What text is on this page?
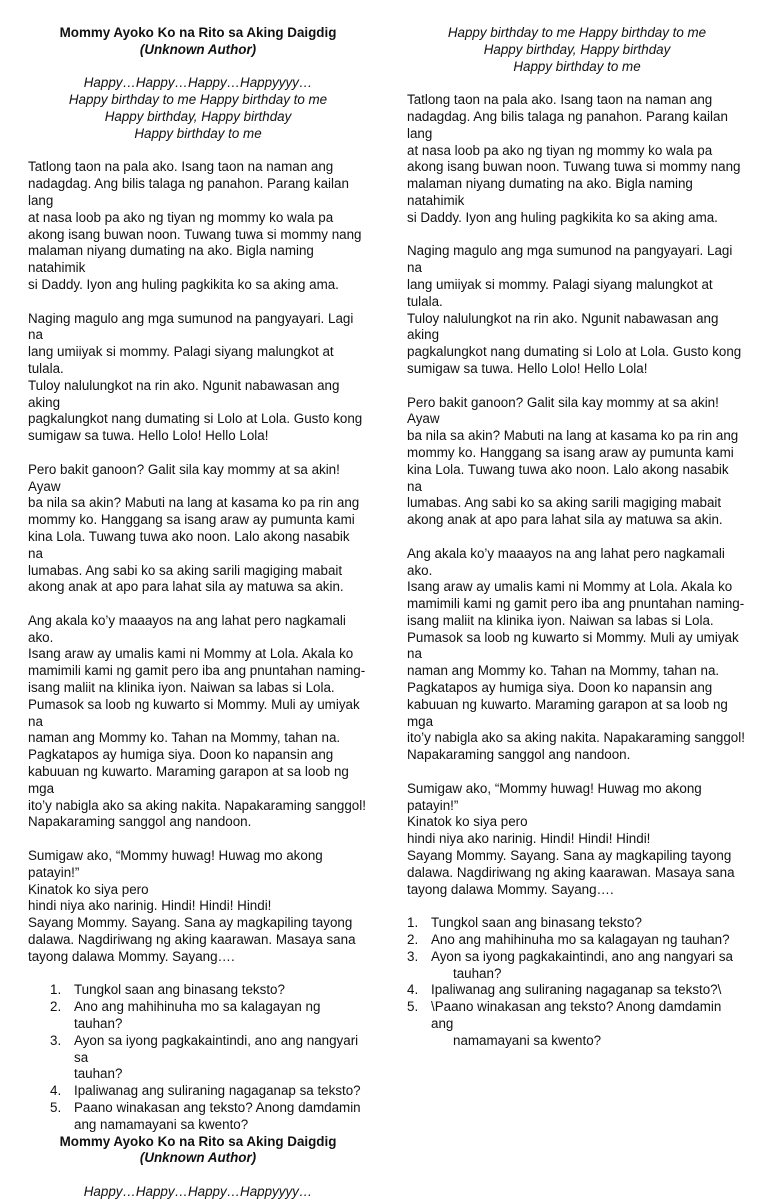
Mommy Ayoko Ko na Rito sa Aking Daigdig
(Unknown Author)
Happy…Happy…Happy…Happyyyy…
Happy birthday to me Happy birthday to me
Happy birthday, Happy birthday
Happy birthday to me
Tatlong taon na pala ako. Isang taon na naman ang
nadagdag. Ang bilis talaga ng panahon. Parang kailan lang
at nasa loob pa ako ng tiyan ng mommy ko wala pa
akong isang buwan noon. Tuwang tuwa si mommy nang
malaman niyang dumating na ako. Bigla naming natahimik
si Daddy. Iyon ang huling pagkikita ko sa aking ama.
Naging magulo ang mga sumunod na pangyayari. Lagi na
lang umiiyak si mommy. Palagi siyang malungkot at tulala.
Tuloy nalulungkot na rin ako. Ngunit nabawasan ang aking
pagkalungkot nang dumating si Lolo at Lola. Gusto kong
sumigaw sa tuwa. Hello Lolo! Hello Lola!
Pero bakit ganoon? Galit sila kay mommy at sa akin! Ayaw
ba nila sa akin? Mabuti na lang at kasama ko pa rin ang
mommy ko. Hanggang sa isang araw ay pumunta kami
kina Lola. Tuwang tuwa ako noon. Lalo akong nasabik na
lumabas. Ang sabi ko sa aking sarili magiging mabait
akong anak at apo para lahat sila ay matuwa sa akin.
Ang akala ko’y maaayos na ang lahat pero nagkamali ako.
Isang araw ay umalis kami ni Mommy at Lola. Akala ko
mamimili kami ng gamit pero iba ang pnuntahan naming-
isang maliit na klinika iyon. Naiwan sa labas si Lola.
Pumasok sa loob ng kuwarto si Mommy. Muli ay umiyak na
naman ang Mommy ko. Tahan na Mommy, tahan na.
Pagkatapos ay humiga siya. Doon ko napansin ang
kabuuan ng kuwarto. Maraming garapon at sa loob ng mga
ito’y nabigla ako sa aking nakita. Napakaraming sanggol!
Napakaraming sanggol ang nandoon.
Sumigaw ako, “Mommy huwag! Huwag mo akong patayin!”
Kinatok ko siya pero
hindi niya ako narinig. Hindi! Hindi! Hindi!
Sayang Mommy. Sayang. Sana ay magkapiling tayong
dalawa. Nagdiriwang ng aking kaarawan. Masaya sana
tayong dalawa Mommy. Sayang….
1. Tungkol saan ang binasang teksto?
2. Ano ang mahihinuha mo sa kalagayan ng tauhan?
3. Ayon sa iyong pagkakaintindi, ano ang nangyari sa
tauhan?
4. Ipaliwanag ang suliraning nagaganap sa teksto?
5. Paano winakasan ang teksto? Anong damdamin
ang namamayani sa kwento?
Mommy Ayoko Ko na Rito sa Aking Daigdig
(Unknown Author)
Happy…Happy…Happy…Happyyyy…
Happy birthday to me Happy birthday to me
Happy birthday, Happy birthday
Happy birthday to me
Tatlong taon na pala ako. Isang taon na naman ang
nadagdag. Ang bilis talaga ng panahon. Parang kailan lang
at nasa loob pa ako ng tiyan ng mommy ko wala pa
akong isang buwan noon. Tuwang tuwa si mommy nang
malaman niyang dumating na ako. Bigla naming natahimik
si Daddy. Iyon ang huling pagkikita ko sa aking ama.
Naging magulo ang mga sumunod na pangyayari. Lagi na
lang umiiyak si mommy. Palagi siyang malungkot at tulala.
Tuloy nalulungkot na rin ako. Ngunit nabawasan ang aking
pagkalungkot nang dumating si Lolo at Lola. Gusto kong
sumigaw sa tuwa. Hello Lolo! Hello Lola!
Pero bakit ganoon? Galit sila kay mommy at sa akin! Ayaw
ba nila sa akin? Mabuti na lang at kasama ko pa rin ang
mommy ko. Hanggang sa isang araw ay pumunta kami
kina Lola. Tuwang tuwa ako noon. Lalo akong nasabik na
lumabas. Ang sabi ko sa aking sarili magiging mabait
akong anak at apo para lahat sila ay matuwa sa akin.
Ang akala ko’y maaayos na ang lahat pero nagkamali ako.
Isang araw ay umalis kami ni Mommy at Lola. Akala ko
mamimili kami ng gamit pero iba ang pnuntahan naming-
isang maliit na klinika iyon. Naiwan sa labas si Lola.
Pumasok sa loob ng kuwarto si Mommy. Muli ay umiyak na
naman ang Mommy ko. Tahan na Mommy, tahan na.
Pagkatapos ay humiga siya. Doon ko napansin ang
kabuuan ng kuwarto. Maraming garapon at sa loob ng mga
ito’y nabigla ako sa aking nakita. Napakaraming sanggol!
Napakaraming sanggol ang nandoon.
Sumigaw ako, “Mommy huwag! Huwag mo akong patayin!”
Kinatok ko siya pero
hindi niya ako narinig. Hindi! Hindi! Hindi!
Sayang Mommy. Sayang. Sana ay magkapiling tayong
dalawa. Nagdiriwang ng aking kaarawan. Masaya sana
tayong dalawa Mommy. Sayang….
1. Tungkol saan ang binasang teksto?
2. Ano ang mahihinuha mo sa kalagayan ng tauhan?
3. Ayon sa iyong pagkakaintindi, ano ang nangyari sa
tauhan?
4. Ipaliwanag ang suliraning nagaganap sa teksto?\
5. \Paano winakasan ang teksto? Anong damdamin ang
namamayani sa kwento?
